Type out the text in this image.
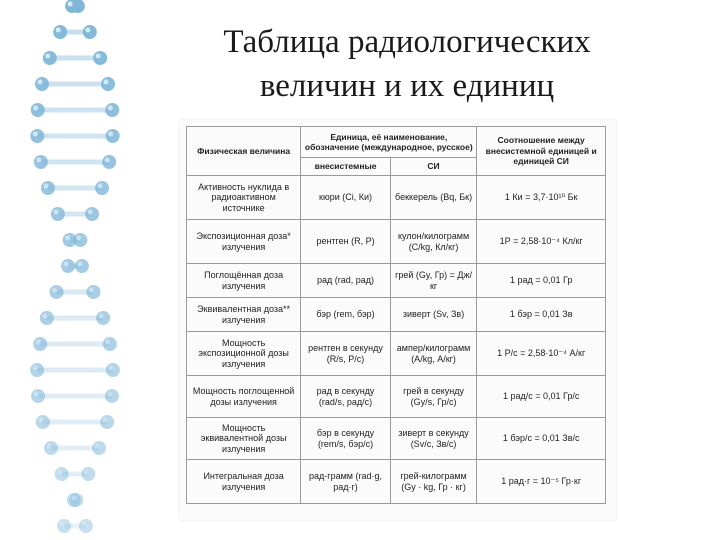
Таблица радиологических
величин и их единиц
Физическая величина	Единица, её наименование, обозначение (международное, русское)		Соотношение между внесистемной единицей и единицей СИ
	внесистемные	СИ	
Активность нуклида в радиоактивном источнике	кюри (Ci, Ки)	беккерель (Bq, Бк)	1 Ки = 3,7·10¹⁰ Бк
Экспозиционная доза* излучения	рентген (R, Р)	кулон/килограмм (C/kg, Кл/кг)	1Р = 2,58·10⁻⁴ Кл/кг
Поглощённая доза излучения	рад (rad, рад)	грей (Gy, Гр) = Дж/кг	1 рад = 0,01 Гр
Эквивалентная доза** излучения	бэр (rem, бэр)	зиверт (Sv, Зв)	1 бэр = 0,01 Зв
Мощность экспозиционной дозы излучения	рентген в секунду (R/s, Р/с)	ампер/килограмм (А/kg, А/кг)	1 Р/с = 2,58·10⁻⁴ А/кг
Мощность поглощенной дозы излучения	рад в секунду (rad/s, рад/с)	грей в секунду (Gy/s, Гр/с)	1 рад/с = 0,01 Гр/с
Мощность эквивалентной дозы излучения	бэр в секунду (rem/s, бэр/с)	зиверт в секунду (Sv/c, Зв/с)	1 бэр/с = 0,01 Зв/с
Интегральная доза излучения	рад-грамм (rad·g, рад·г)	грей-килограмм (Gy · kg, Гр · кг)	1 рад·г = 10⁻⁵ Гр·кг
